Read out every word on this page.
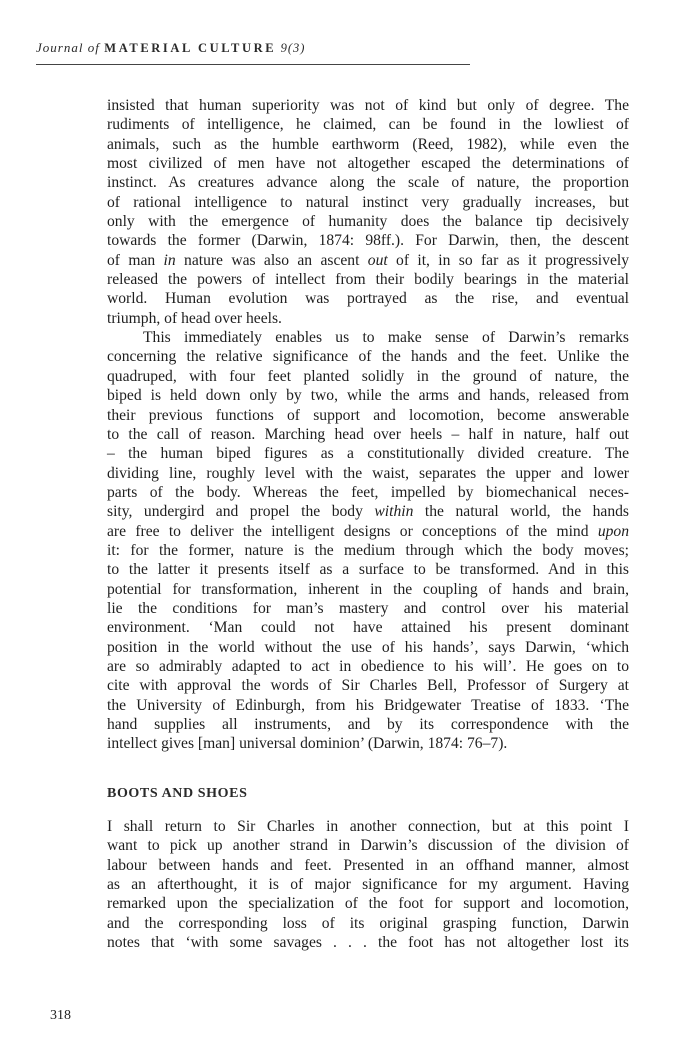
Journal of MATERIAL CULTURE 9(3)
insisted that human superiority was not of kind but only of degree. The
rudiments of intelligence, he claimed, can be found in the lowliest of
animals, such as the humble earthworm (Reed, 1982), while even the
most civilized of men have not altogether escaped the determinations of
instinct. As creatures advance along the scale of nature, the proportion
of rational intelligence to natural instinct very gradually increases, but
only with the emergence of humanity does the balance tip decisively
towards the former (Darwin, 1874: 98ff.). For Darwin, then, the descent
of man in nature was also an ascent out of it, in so far as it progressively
released the powers of intellect from their bodily bearings in the material
world. Human evolution was portrayed as the rise, and eventual
triumph, of head over heels.
This immediately enables us to make sense of Darwin’s remarks
concerning the relative significance of the hands and the feet. Unlike the
quadruped, with four feet planted solidly in the ground of nature, the
biped is held down only by two, while the arms and hands, released from
their previous functions of support and locomotion, become answerable
to the call of reason. Marching head over heels – half in nature, half out
– the human biped figures as a constitutionally divided creature. The
dividing line, roughly level with the waist, separates the upper and lower
parts of the body. Whereas the feet, impelled by biomechanical neces-
sity, undergird and propel the body within the natural world, the hands
are free to deliver the intelligent designs or conceptions of the mind upon
it: for the former, nature is the medium through which the body moves;
to the latter it presents itself as a surface to be transformed. And in this
potential for transformation, inherent in the coupling of hands and brain,
lie the conditions for man’s mastery and control over his material
environment. ‘Man could not have attained his present dominant
position in the world without the use of his hands’, says Darwin, ‘which
are so admirably adapted to act in obedience to his will’. He goes on to
cite with approval the words of Sir Charles Bell, Professor of Surgery at
the University of Edinburgh, from his Bridgewater Treatise of 1833. ‘The
hand supplies all instruments, and by its correspondence with the
intellect gives [man] universal dominion’ (Darwin, 1874: 76–7).
BOOTS AND SHOES
I shall return to Sir Charles in another connection, but at this point I
want to pick up another strand in Darwin’s discussion of the division of
labour between hands and feet. Presented in an offhand manner, almost
as an afterthought, it is of major significance for my argument. Having
remarked upon the specialization of the foot for support and locomotion,
and the corresponding loss of its original grasping function, Darwin
notes that ‘with some savages . . . the foot has not altogether lost its
318
